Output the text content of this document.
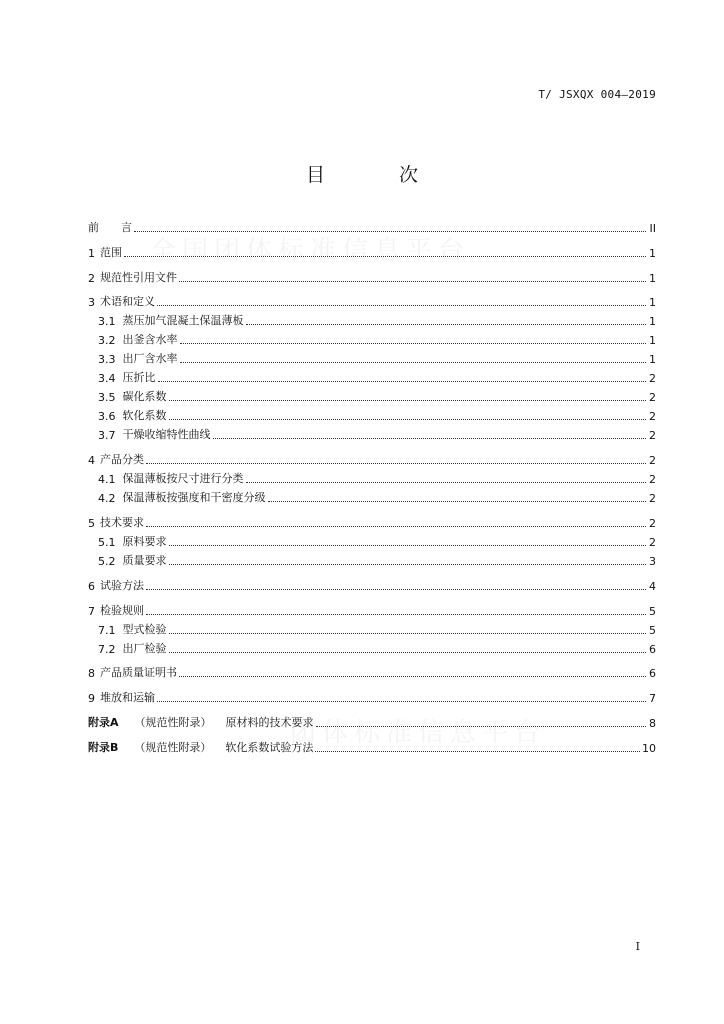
T/ JSXQX 004—2019
目 次
前　　言	II
1 范围	1
2 规范性引用文件	1
3 术语和定义	1
3.1 蒸压加气混凝土保温薄板	1
3.2 出釜含水率	1
3.3 出厂含水率	1
3.4 压折比	2
3.5 碳化系数	2
3.6 软化系数	2
3.7 干燥收缩特性曲线	2
4 产品分类	2
4.1 保温薄板按尺寸进行分类	2
4.2 保温薄板按强度和干密度分级	2
5 技术要求	2
5.1 原料要求	2
5.2 质量要求	3
6 试验方法	4
7 检验规则	5
7.1 型式检验	5
7.2 出厂检验	6
8 产品质量证明书	6
9 堆放和运输	7
附录A （规范性附录） 原材料的技术要求	8
附录B （规范性附录） 软化系数试验方法	10
I
